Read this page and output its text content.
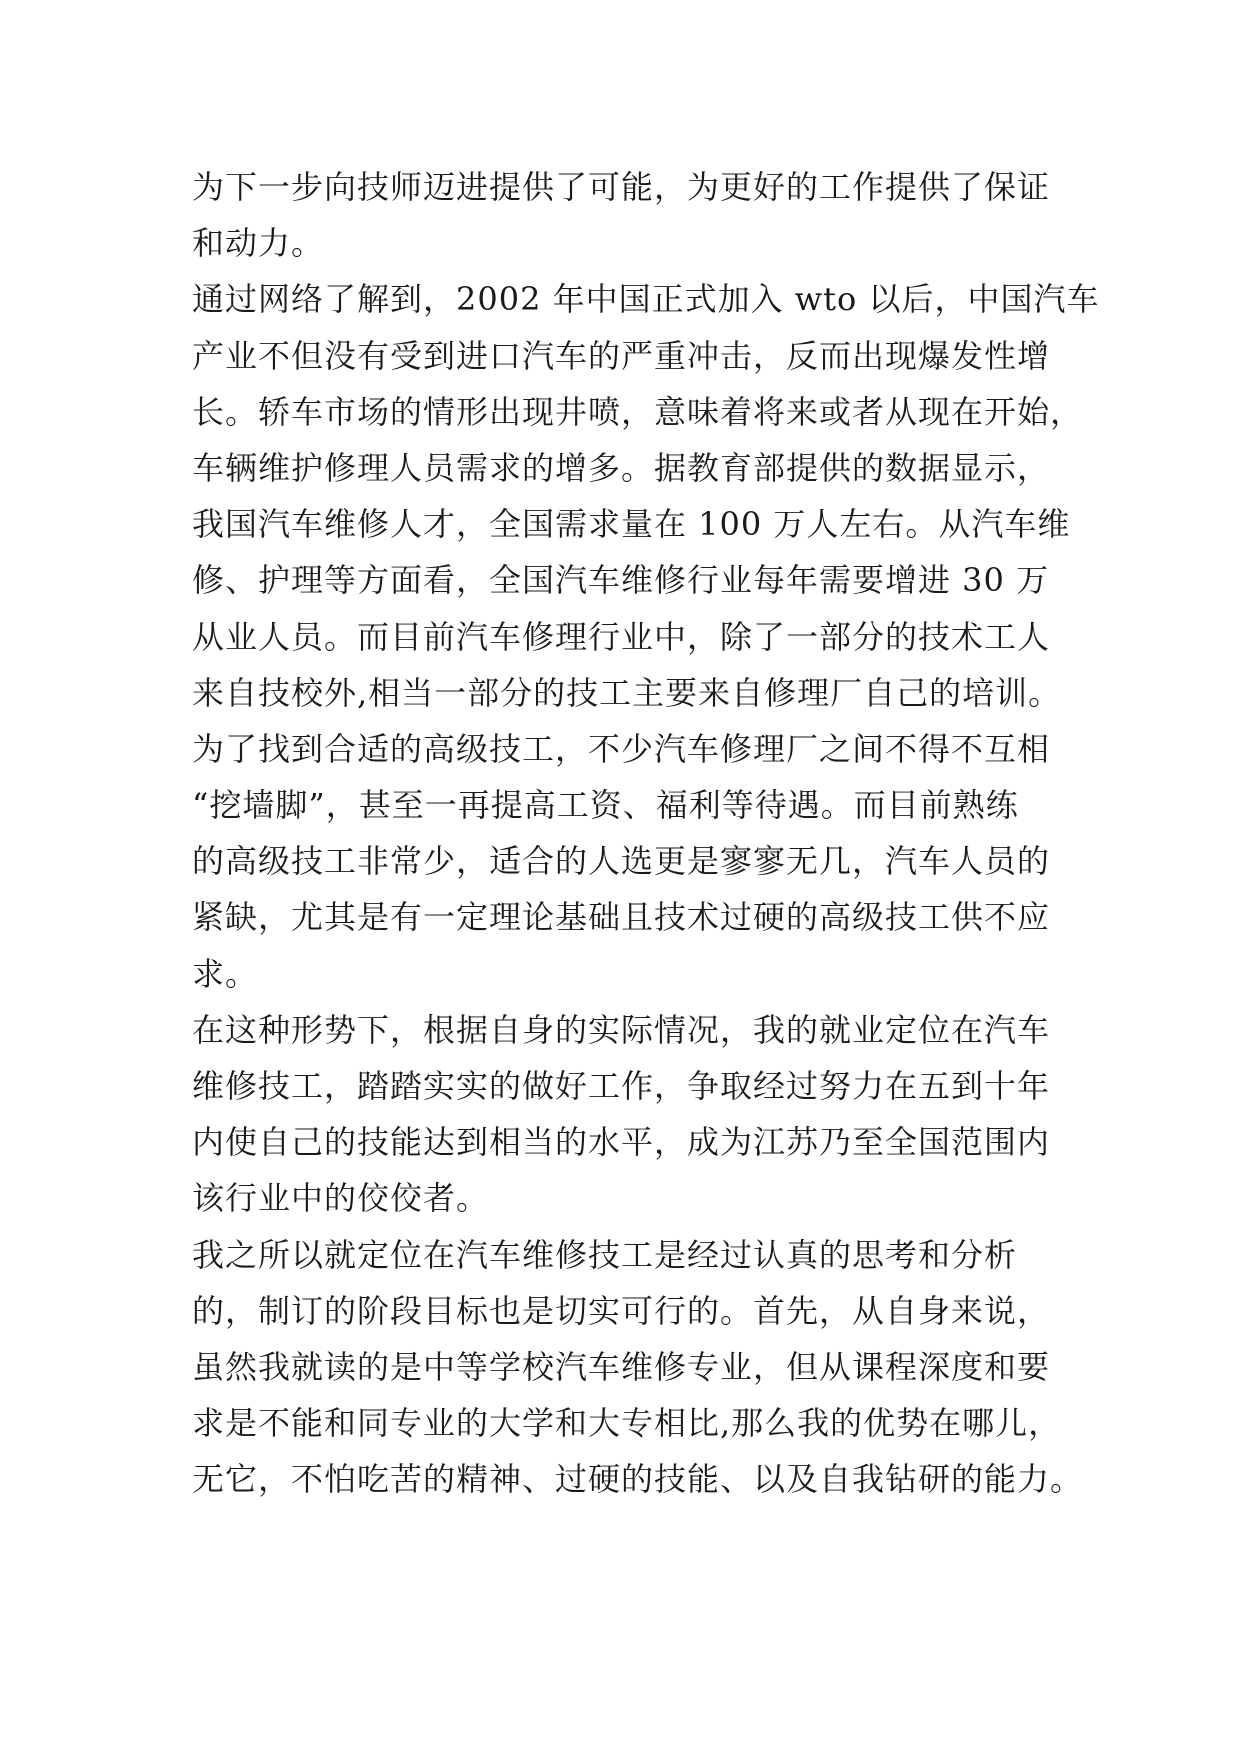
为下一步向技师迈进提供了可能，为更好的工作提供了保证
和动力。
通过网络了解到，2002 年中国正式加入 wto 以后，中国汽车
产业不但没有受到进口汽车的严重冲击，反而出现爆发性增
长。轿车市场的情形出现井喷，意味着将来或者从现在开始，
车辆维护修理人员需求的增多。据教育部提供的数据显示，
我国汽车维修人才，全国需求量在 100 万人左右。从汽车维
修、护理等方面看，全国汽车维修行业每年需要增进 30 万
从业人员。而目前汽车修理行业中，除了一部分的技术工人
来自技校外,相当一部分的技工主要来自修理厂自己的培训。
为了找到合适的高级技工，不少汽车修理厂之间不得不互相
“挖墙脚”，甚至一再提高工资、福利等待遇。而目前熟练
的高级技工非常少，适合的人选更是寥寥无几，汽车人员的
紧缺，尤其是有一定理论基础且技术过硬的高级技工供不应
求。
在这种形势下，根据自身的实际情况，我的就业定位在汽车
维修技工，踏踏实实的做好工作，争取经过努力在五到十年
内使自己的技能达到相当的水平，成为江苏乃至全国范围内
该行业中的佼佼者。
我之所以就定位在汽车维修技工是经过认真的思考和分析
的，制订的阶段目标也是切实可行的。首先，从自身来说，
虽然我就读的是中等学校汽车维修专业，但从课程深度和要
求是不能和同专业的大学和大专相比,那么我的优势在哪儿，
无它，不怕吃苦的精神、过硬的技能、以及自我钻研的能力。
